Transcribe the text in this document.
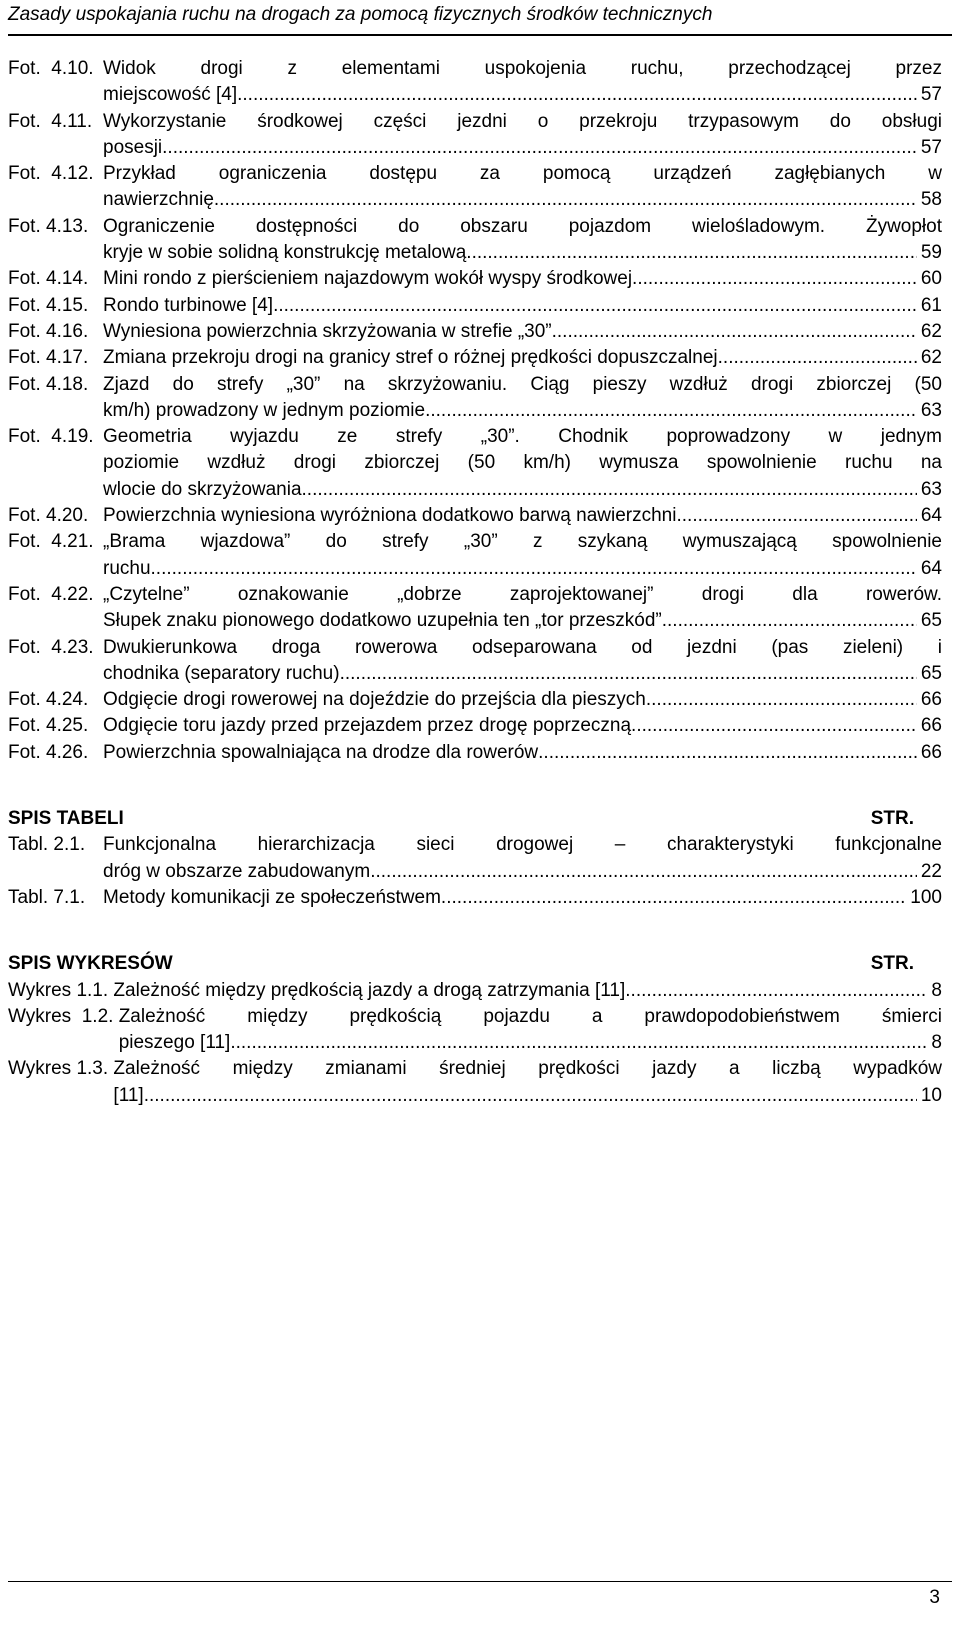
Zasady uspokajania ruchu na drogach za pomocą fizycznych środków technicznych
Fot.  4.10. Widok drogi z elementami uspokojenia ruchu, przechodzącej przez
miejscowość [4] .....	57
Fot.  4.11. Wykorzystanie środkowej części jezdni o przekroju trzypasowym do obsługi
posesji .....	57
Fot.  4.12. Przykład ograniczenia dostępu za pomocą urządzeń zagłębianych w
nawierzchnię .....	58
Fot. 4.13. Ograniczenie dostępności do obszaru pojazdom wielośladowym. Żywopłot
kryje w sobie solidną konstrukcję metalową. .....	59
Fot. 4.14. Mini rondo z pierścieniem najazdowym wokół wyspy środkowej .....	60
Fot. 4.15. Rondo turbinowe [4] .....	61
Fot. 4.16. Wyniesiona powierzchnia skrzyżowania w strefie „30” .....	62
Fot. 4.17. Zmiana przekroju drogi na granicy stref o różnej prędkości dopuszczalnej .....	62
Fot. 4.18. Zjazd do strefy „30” na skrzyżowaniu. Ciąg pieszy wzdłuż drogi zbiorczej (50
km/h) prowadzony w jednym poziomie .....	63
Fot.  4.19. Geometria wyjazdu ze strefy „30”. Chodnik poprowadzony w jednym
poziomie wzdłuż drogi zbiorczej (50 km/h) wymusza spowolnienie ruchu na
wlocie do skrzyżowania .....	63
Fot. 4.20. Powierzchnia wyniesiona wyróżniona dodatkowo barwą nawierzchni .....	64
Fot.  4.21. „Brama wjazdowa” do strefy „30” z szykaną wymuszającą spowolnienie
ruchu .....	64
Fot.  4.22. „Czytelne” oznakowanie „dobrze zaprojektowanej” drogi dla rowerów.
Słupek znaku pionowego dodatkowo uzupełnia ten „tor przeszkód” .....	65
Fot.  4.23. Dwukierunkowa droga rowerowa odseparowana od jezdni (pas zieleni) i
chodnika (separatory ruchu) .....	65
Fot. 4.24. Odgięcie drogi rowerowej na dojeździe do przejścia dla pieszych .....	66
Fot. 4.25. Odgięcie toru jazdy przed przejazdem przez drogę poprzeczną. .....	66
Fot. 4.26. Powierzchnia spowalniająca na drodze dla rowerów .....	66
SPIS TABELI	STR.
Tabl. 2.1. Funkcjonalna hierarchizacja sieci drogowej – charakterystyki funkcjonalne
dróg w obszarze zabudowanym .....	22
Tabl. 7.1. Metody komunikacji ze społeczeństwem .....	100
SPIS WYKRESÓW	STR.
Wykres 1.1. Zależność między prędkością jazdy a drogą zatrzymania [11] .....	8
Wykres  1.2. Zależność między prędkością pojazdu a prawdopodobieństwem śmierci
pieszego [11] .....	8
Wykres 1.3. Zależność między zmianami średniej prędkości jazdy a liczbą wypadków
[11] .....	10
3
